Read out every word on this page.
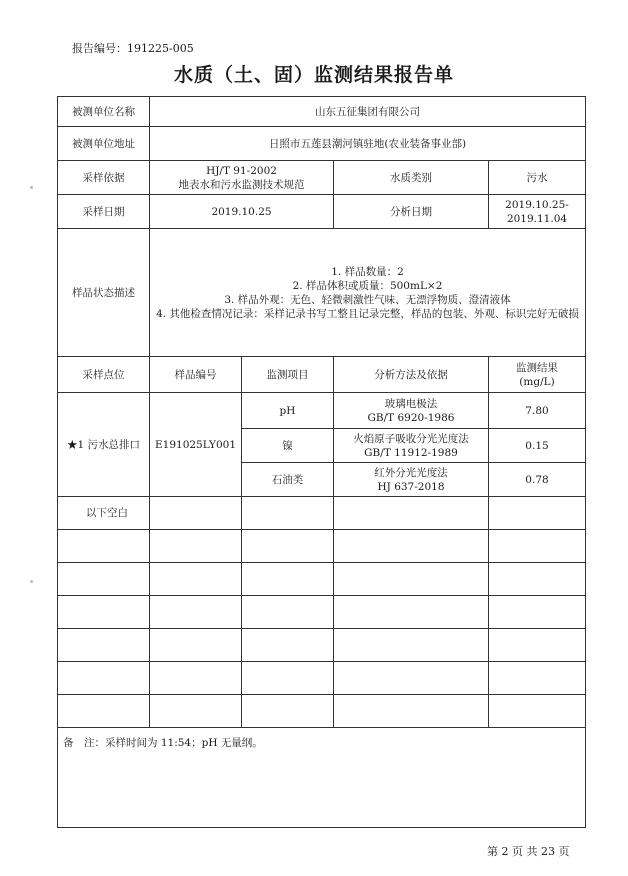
报告编号：191225-005
水质（土、固）监测结果报告单
被测单位名称	山东五征集团有限公司			
被测单位地址	日照市五莲县潮河镇驻地(农业装备事业部)			
采样依据	HJ/T 91-2002
地表水和污水监测技术规范		水质类别	污水
采样日期	2019.10.25		分析日期	2019.10.25-2019.11.04
样品状态描述	1. 样品数量：2
2. 样品体积或质量：500mL×2
3. 样品外观：无色、轻微刺激性气味、无漂浮物质、澄清液体
4. 其他检查情况记录：采样记录书写工整且记录完整，样品的包装、外观、标识完好无破损			

采样点位	样品编号	监测项目	分析方法及依据	监测结果
(mg/L)

★1 污水总排口	E191025LY001	pH	玻璃电极法
GB/T 6920-1986	7.80
		镍	火焰原子吸收分光光度法
GB/T 11912-1989	0.15
		石油类	红外分光光度法
HJ 637-2018	0.78
以下空白				

备　注：采样时间为 11:54；pH 无量纲。				
第 2 页 共 23 页
